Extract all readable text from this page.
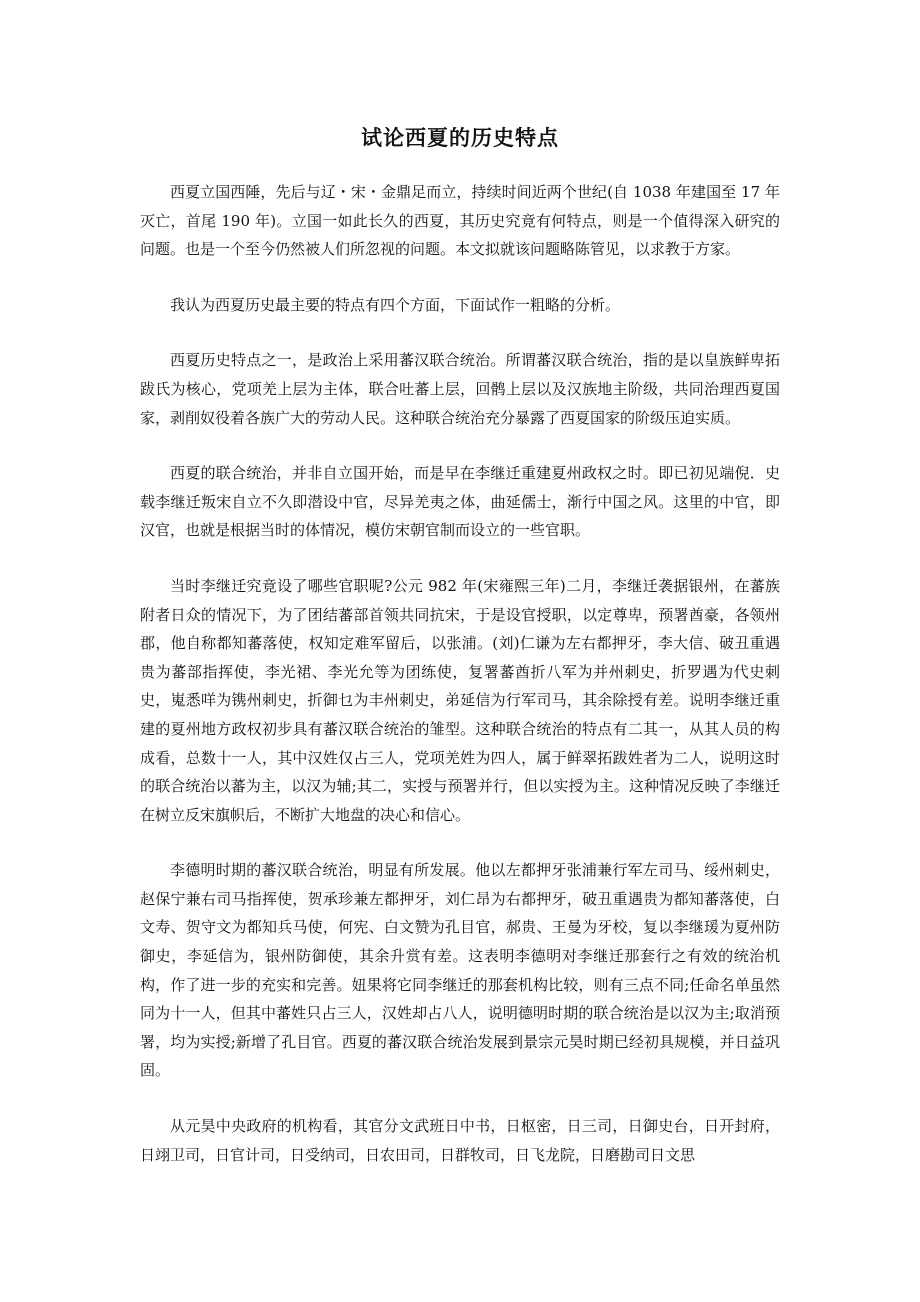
试论西夏的历史特点

西夏立国西陲，先后与辽・宋・金鼎足而立，持续时间近两个世纪(自 1038 年建国至 17 年灭亡，首尾 190 年)。立国一如此长久的西夏，其历史究竟有何特点，则是一个值得深入研究的问题。也是一个至今仍然被人们所忽视的问题。本文拟就该问题略陈管见，以求教于方家。

我认为西夏历史最主要的特点有四个方面，下面试作一粗略的分析。

西夏历史特点之一，是政治上采用蕃汉联合统治。所谓蕃汉联合统治，指的是以皇族鲜卑拓跋氏为核心，党项羌上层为主体，联合吐蕃上层，回鹘上层以及汉族地主阶级，共同治理西夏国家，剥削奴役着各族广大的劳动人民。这种联合统治充分暴露了西夏国家的阶级压迫实质。

西夏的联合统治，并非自立国开始，而是早在李继迁重建夏州政权之时。即已初见端倪．史载李继迁叛宋自立不久即潜设中官，尽异羌夷之体，曲延儒士，渐行中国之风。这里的中官，即汉官，也就是根据当时的体情况，模仿宋朝官制而设立的一些官职。

当时李继迁究竟设了哪些官职呢?公元 982 年(宋雍熙三年)二月，李继迁袭据银州，在蕃族附者日众的情况下，为了团结蕃部首领共同抗宋，于是设官授职，以定尊卑，预署酋豪，各领州郡，他自称都知蕃落使，权知定难军留后，以张浦。(刘)仁谦为左右都押牙，李大信、破丑重遇贵为蕃部指挥使，李光裙、李光允等为团练使，复署蕃酋折八军为并州刺史，折罗遇为代史刺史，嵬悉咩为镌州刺史，折御乜为丰州刺史，弟延信为行军司马，其余除授有差。说明李继迁重建的夏州地方政权初步具有蕃汉联合统治的雏型。这种联合统治的特点有二其一，从其人员的构成看，总数十一人，其中汉姓仅占三人，党项羌姓为四人，属于鲜翠拓跋姓者为二人，说明这时的联合统治以蕃为主，以汉为辅;其二，实授与预署并行，但以实授为主。这种情况反映了李继迁在树立反宋旗帜后，不断扩大地盘的决心和信心。

李德明时期的蕃汉联合统治，明显有所发展。他以左都押牙张浦兼行军左司马、绥州刺史，赵保宁兼右司马指挥使，贺承珍兼左都押牙，刘仁昂为右都押牙，破丑重遇贵为都知蕃落使，白文寿、贺守文为都知兵马使，何宪、白文赞为孔目官，郝贵、王曼为牙校，复以李继瑗为夏州防御史，李延信为，银州防御使，其余升赏有差。这表明李德明对李继迁那套行之有效的统治机构，作了进一步的充实和完善。妞果将它同李继迁的那套机构比较，则有三点不同;任命名单虽然同为十一人，但其中蕃姓只占三人，汉姓却占八人，说明德明时期的联合统治是以汉为主;取消预署，均为实授;新增了孔目官。西夏的蕃汉联合统治发展到景宗元昊时期已经初具规模，并日益巩固。

从元昊中央政府的机构看，其官分文武班日中书，日枢密，日三司，日御史台，日开封府，日翊卫司，日官计司，日受纳司，日农田司，日群牧司，日飞龙院，日磨勘司日文思
